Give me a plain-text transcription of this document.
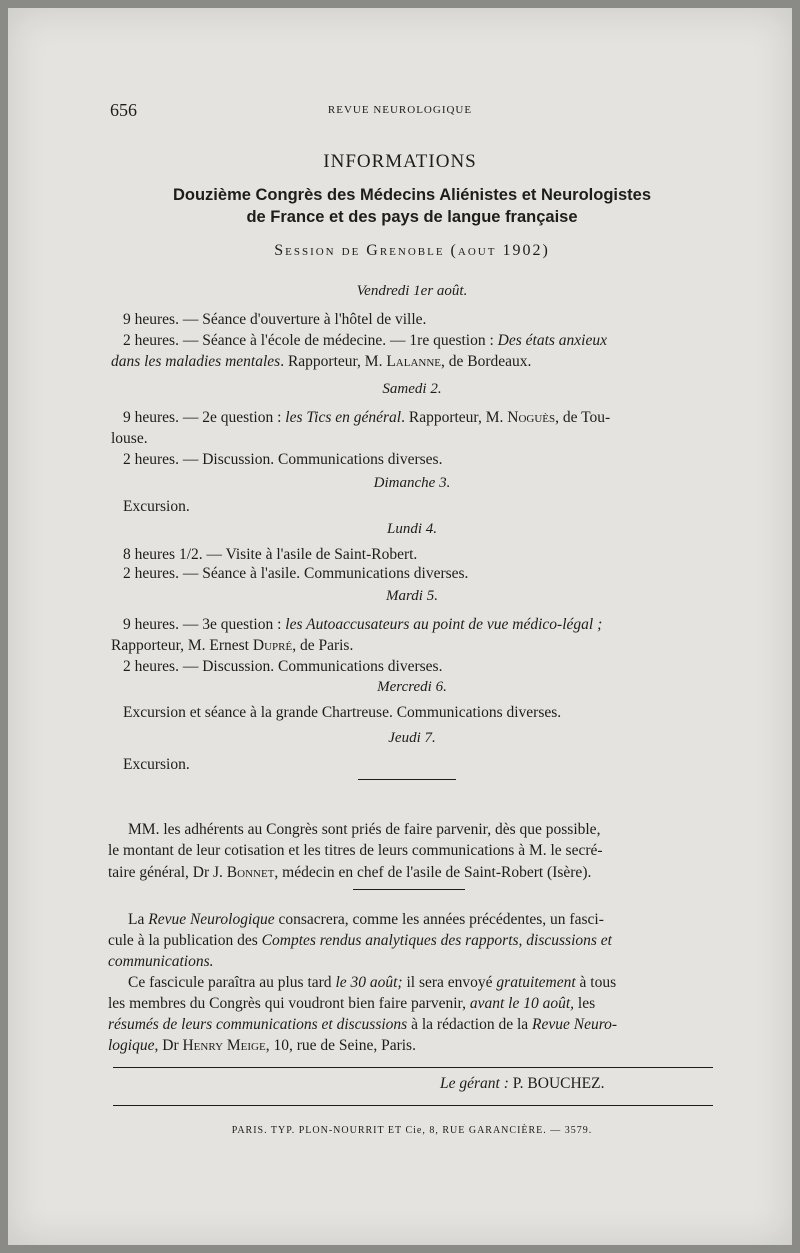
656	REVUE NEUROLOGIQUE
INFORMATIONS
Douzième Congrès des Médecins Aliénistes et Neurologistes
de France et des pays de langue française
Session de Grenoble (aout 1902)
Vendredi 1er août.
9 heures. — Séance d'ouverture à l'hôtel de ville.
2 heures. — Séance à l'école de médecine. — 1re question : Des états anxieux
dans les maladies mentales. Rapporteur, M. Lalanne, de Bordeaux.
Samedi 2.
9 heures. — 2e question : les Tics en général. Rapporteur, M. Noguès, de Tou-
louse.
2 heures. — Discussion. Communications diverses.
Dimanche 3.
Excursion.
Lundi 4.
8 heures 1/2. — Visite à l'asile de Saint-Robert.
2 heures. — Séance à l'asile. Communications diverses.
Mardi 5.
9 heures. — 3e question : les Autoaccusateurs au point de vue médico-légal ;
Rapporteur, M. Ernest Dupré, de Paris.
2 heures. — Discussion. Communications diverses.
Mercredi 6.
Excursion et séance à la grande Chartreuse. Communications diverses.
Jeudi 7.
Excursion.
MM. les adhérents au Congrès sont priés de faire parvenir, dès que possible,
le montant de leur cotisation et les titres de leurs communications à M. le secré-
taire général, Dr J. Bonnet, médecin en chef de l'asile de Saint-Robert (Isère).
La Revue Neurologique consacrera, comme les années précédentes, un fasci-
cule à la publication des Comptes rendus analytiques des rapports, discussions et
communications.
Ce fascicule paraîtra au plus tard le 30 août; il sera envoyé gratuitement à tous
les membres du Congrès qui voudront bien faire parvenir, avant le 10 août, les
résumés de leurs communications et discussions à la rédaction de la Revue Neuro-
logique, Dr Henry Meige, 10, rue de Seine, Paris.
Le gérant : P. BOUCHEZ.
PARIS. TYP. PLON-NOURRIT ET Cie, 8, RUE GARANCIÈRE. — 3579.
